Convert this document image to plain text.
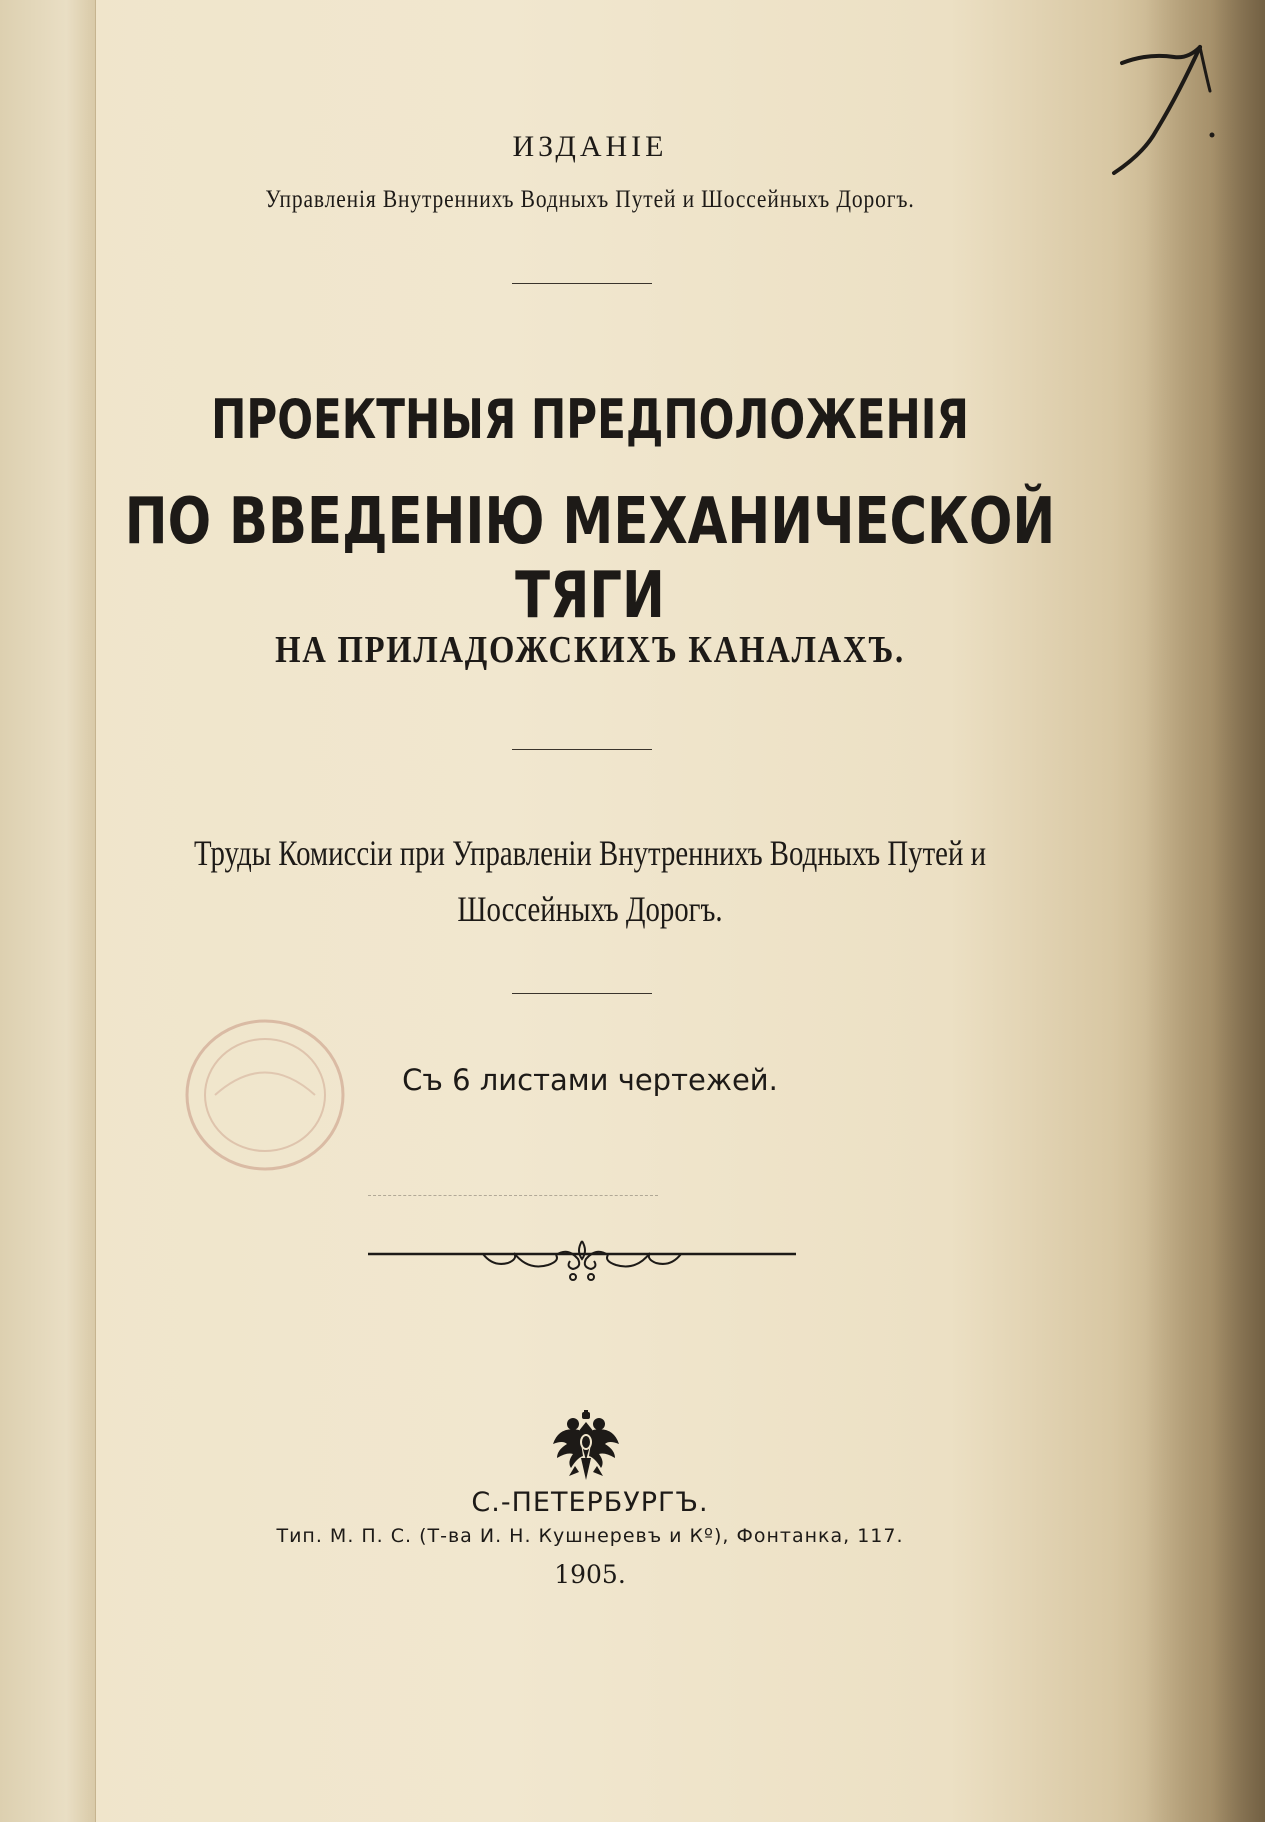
ИЗДАНІЕ
Управленія Внутреннихъ Водныхъ Путей и Шоссейныхъ Дорогъ.
ПРОЕКТНЫЯ ПРЕДПОЛОЖЕНІЯ
ПО ВВЕДЕНІЮ МЕХАНИЧЕСКОЙ ТЯГИ
НА ПРИЛАДОЖСКИХЪ КАНАЛАХЪ.
Труды Комиссіи при Управленіи Внутреннихъ Водныхъ Путей и
Шоссейныхъ Дорогъ.
Съ 6 листами чертежей.
С.-ПЕТЕРБУРГЪ.
Тип. М. П. С. (Т-ва И. Н. Кушнеревъ и Кº), Фонтанка, 117.
1905.
